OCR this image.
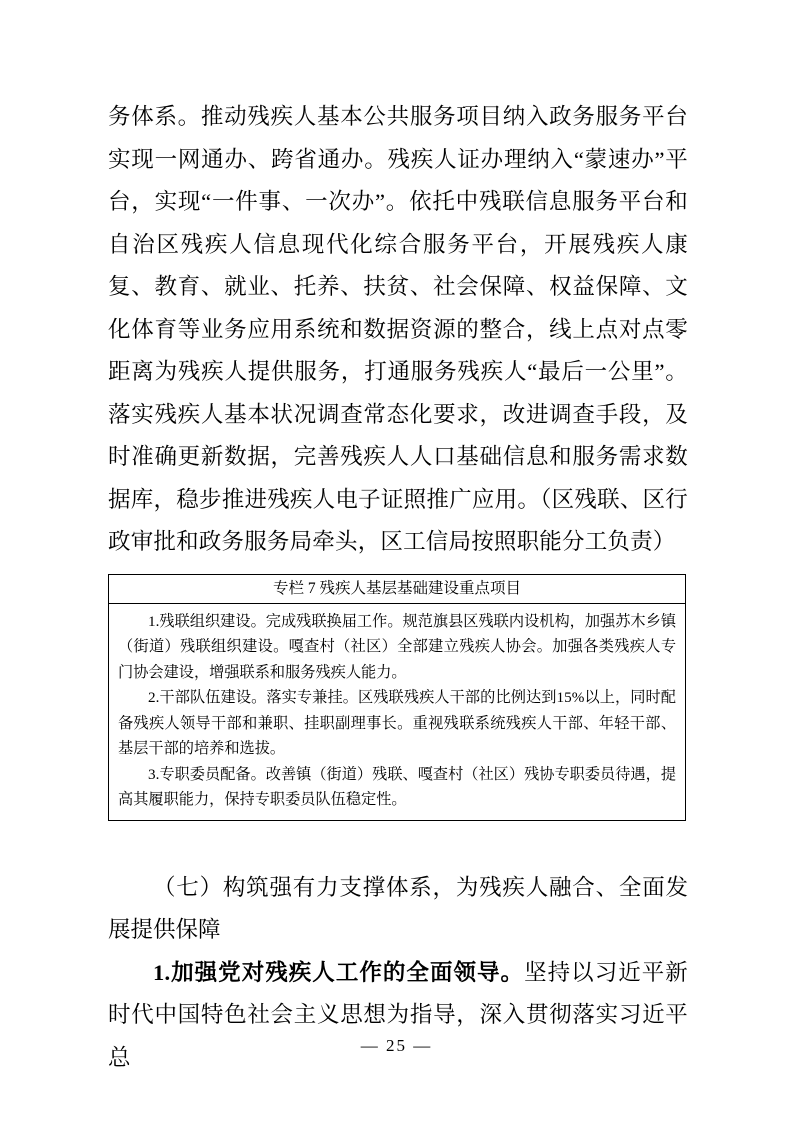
务体系。推动残疾人基本公共服务项目纳入政务服务平台实现一网通办、跨省通办。残疾人证办理纳入“蒙速办”平台，实现“一件事、一次办”。依托中残联信息服务平台和自治区残疾人信息现代化综合服务平台，开展残疾人康复、教育、就业、托养、扶贫、社会保障、权益保障、文化体育等业务应用系统和数据资源的整合，线上点对点零距离为残疾人提供服务，打通服务残疾人“最后一公里”。落实残疾人基本状况调查常态化要求，改进调查手段，及时准确更新数据，完善残疾人人口基础信息和服务需求数据库，稳步推进残疾人电子证照推广应用。（区残联、区行政审批和政务服务局牵头，区工信局按照职能分工负责）

专栏 7 残疾人基层基础建设重点项目

1.残联组织建设。完成残联换届工作。规范旗县区残联内设机构，加强苏木乡镇（街道）残联组织建设。嘎查村（社区）全部建立残疾人协会。加强各类残疾人专门协会建设，增强联系和服务残疾人能力。

2.干部队伍建设。落实专兼挂。区残联残疾人干部的比例达到15%以上，同时配备残疾人领导干部和兼职、挂职副理事长。重视残联系统残疾人干部、年轻干部、基层干部的培养和选拔。

3.专职委员配备。改善镇（街道）残联、嘎查村（社区）残协专职委员待遇，提高其履职能力，保持专职委员队伍稳定性。

（七）构筑强有力支撑体系，为残疾人融合、全面发展提供保障

1.加强党对残疾人工作的全面领导。坚持以习近平新时代中国特色社会主义思想为指导，深入贯彻落实习近平总	— 25 —
